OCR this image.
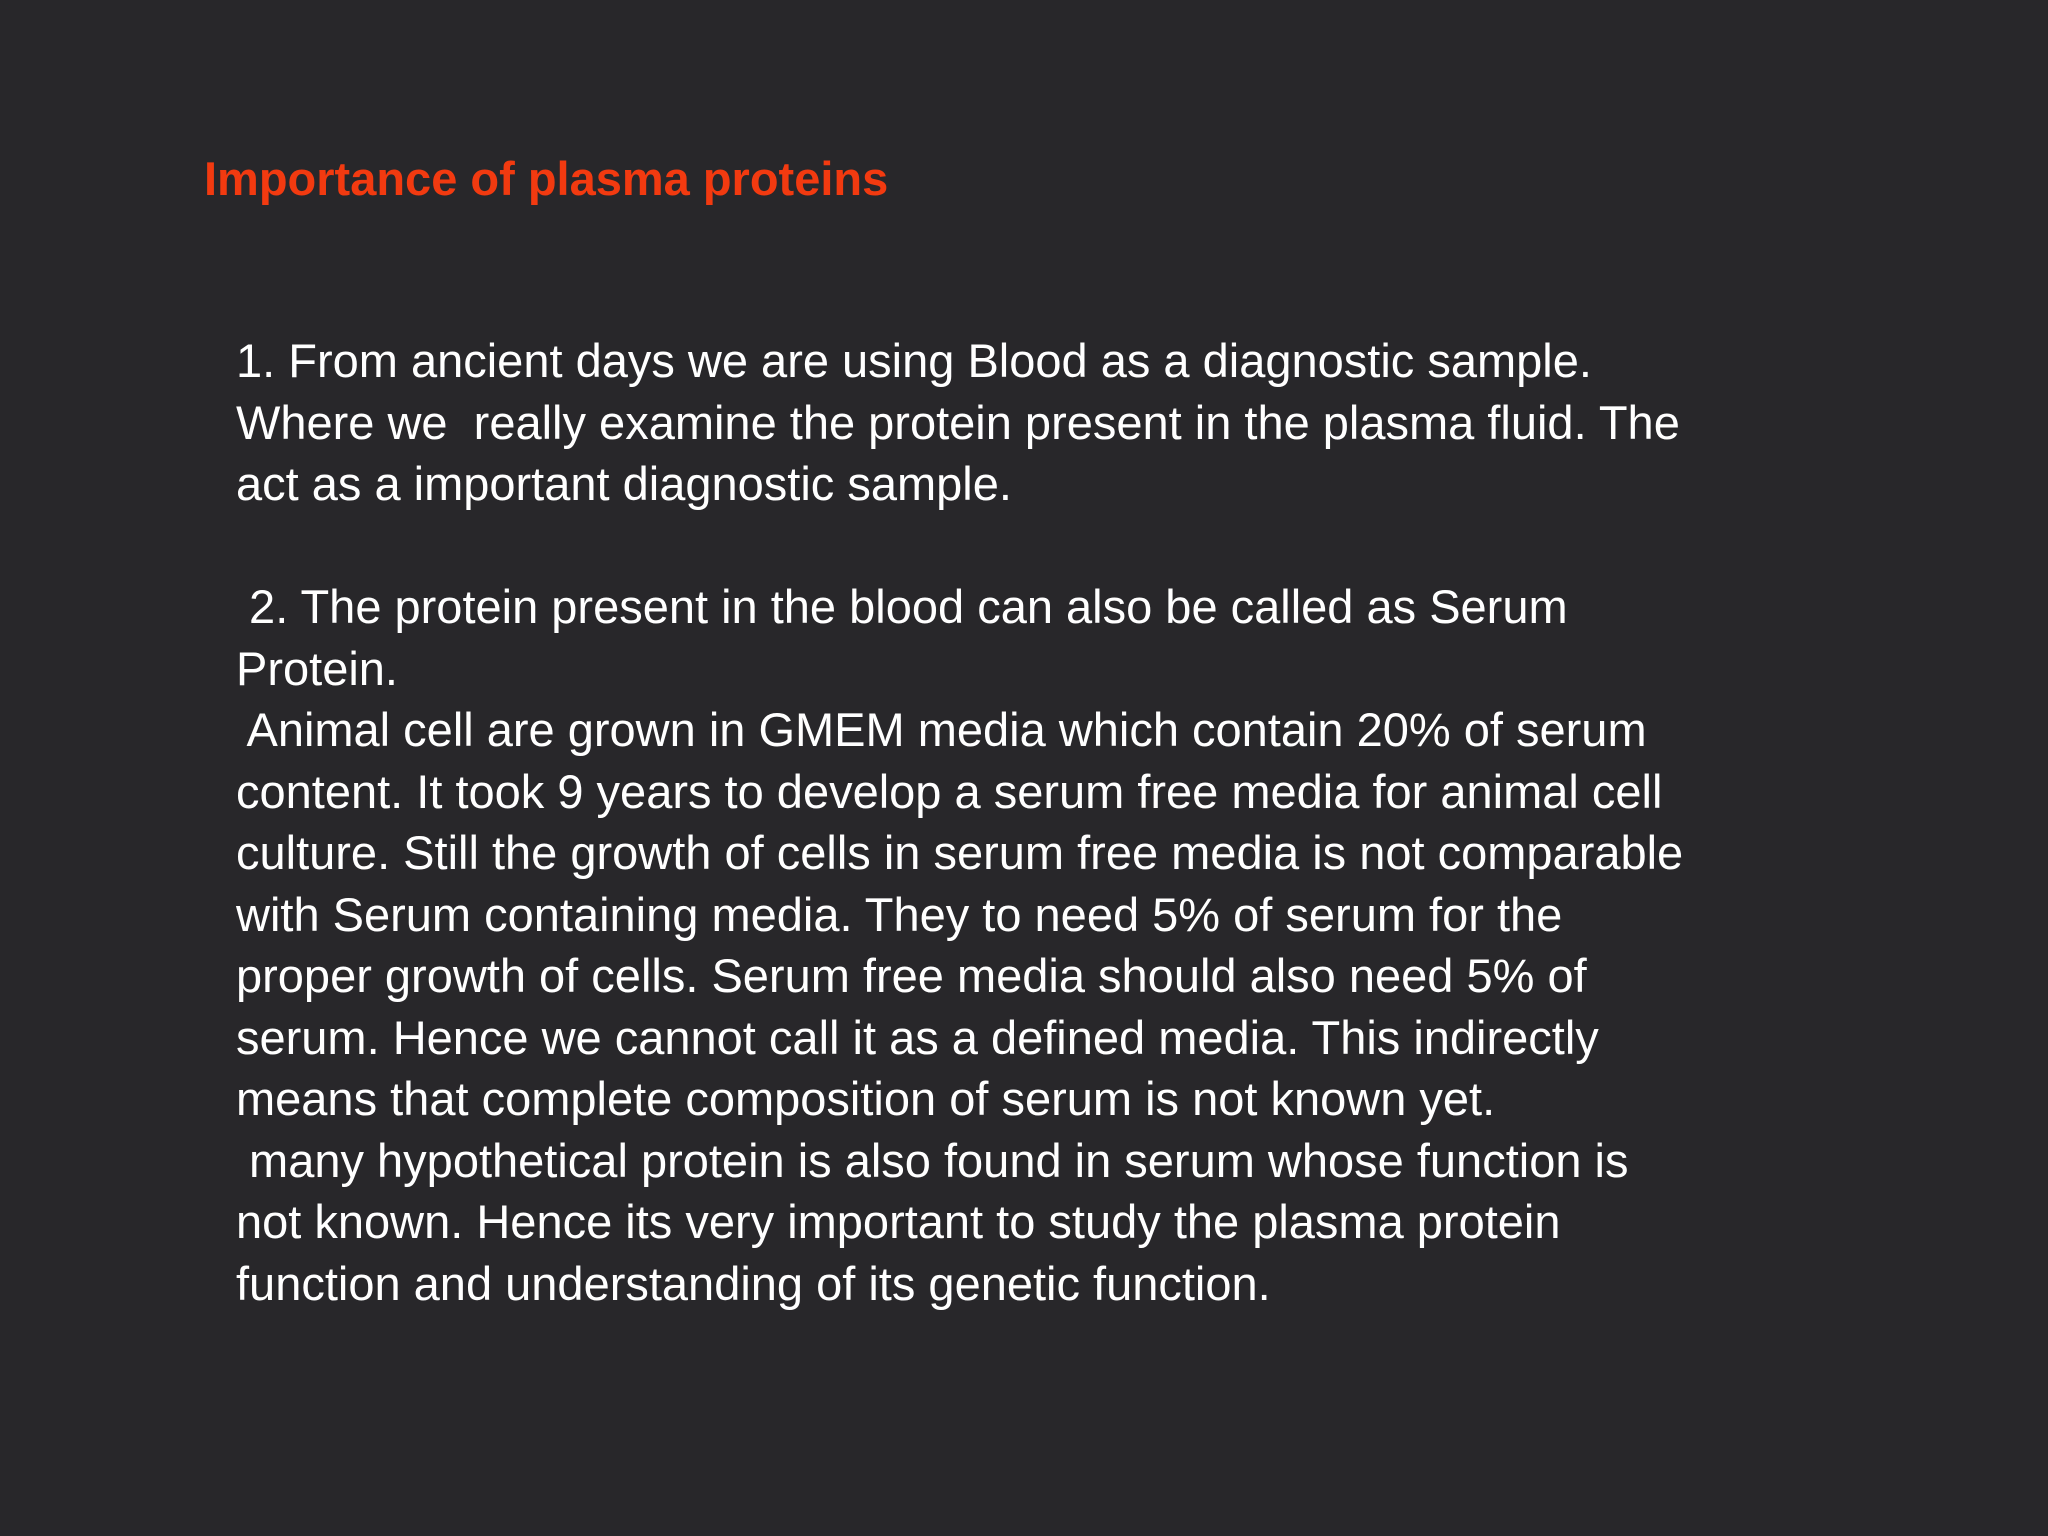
Importance of plasma proteins
1. From ancient days we are using Blood as a diagnostic sample.
Where we  really examine the protein present in the plasma fluid. The
act as a important diagnostic sample.
2. The protein present in the blood can also be called as Serum
Protein.
Animal cell are grown in GMEM media which contain 20% of serum
content. It took 9 years to develop a serum free media for animal cell
culture. Still the growth of cells in serum free media is not comparable
with Serum containing media. They to need 5% of serum for the
proper growth of cells. Serum free media should also need 5% of
serum. Hence we cannot call it as a defined media. This indirectly
means that complete composition of serum is not known yet.
many hypothetical protein is also found in serum whose function is
not known. Hence its very important to study the plasma protein
function and understanding of its genetic function.
